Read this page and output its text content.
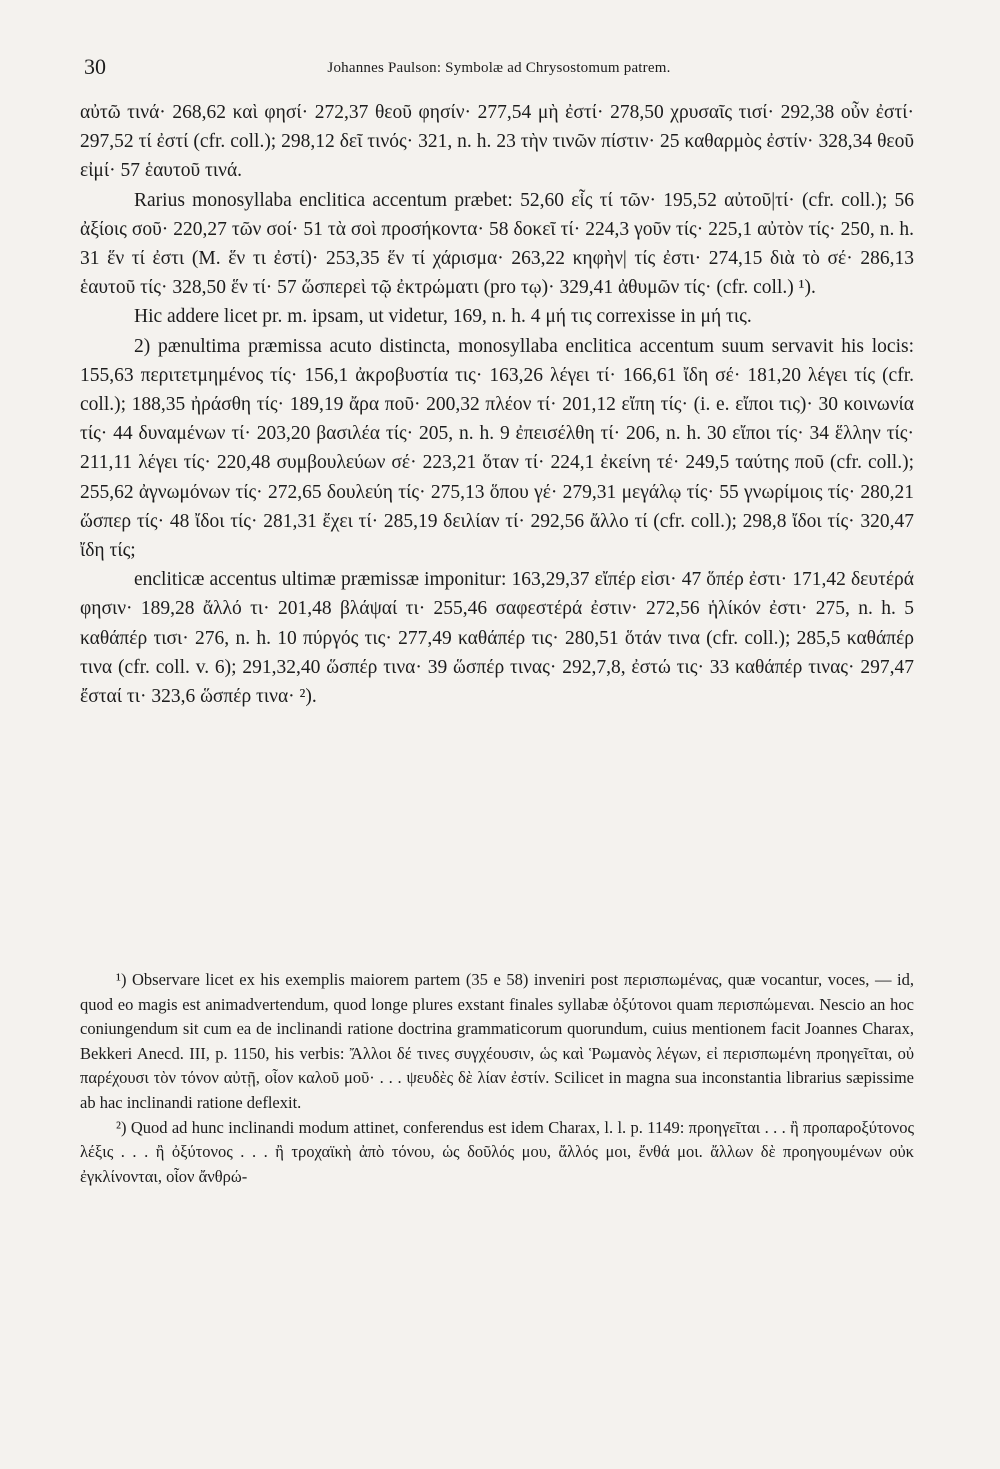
30	Johannes Paulson: Symbolæ ad Chrysostomum patrem.

αὐτῶ τινά· 268,62 καὶ φησί· 272,37 θεοῦ φησίν· 277,54 μὴ ἐστί· 278,50 χρυσαῖς τισί· 292,38 οὖν ἐστί· 297,52 τί ἐστί (cfr. coll.); 298,12 δεῖ τινός· 321, n. h. 23 τὴν τινῶν πίστιν· 25 καθαρμὸς ἐστίν· 328,34 θεοῦ εἰμί· 57 ἑαυτοῦ τινά.

Rarius monosyllaba enclitica accentum præbet: 52,60 εἷς τί τῶν· 195,52 αὐτοῦ|τί· (cfr. coll.); 56 ἀξίοις σοῦ· 220,27 τῶν σοί· 51 τὰ σοὶ προσήκοντα· 58 δοκεῖ τί· 224,3 γοῦν τίς· 225,1 αὐτὸν τίς· 250, n. h. 31 ἕν τί ἐστι (M. ἕν τι ἐστί)· 253,35 ἕν τί χάρισμα· 263,22 κηφὴν| τίς ἐστι· 274,15 διὰ τὸ σέ· 286,13 ἑαυτοῦ τίς· 328,50 ἕν τί· 57 ὥσπερεὶ τῷ ἐκτρώματι (pro τῳ)· 329,41 ἀθυμῶν τίς· (cfr. coll.) ¹).

Hic addere licet pr. m. ipsam, ut videtur, 169, n. h. 4 μή τις correxisse in μή τις.

2) pænultima præmissa acuto distincta, monosyllaba enclitica accentum suum servavit his locis: 155,63 περιτετμημένος τίς· 156,1 ἀκροβυστία τις· 163,26 λέγει τί· 166,61 ἴδη σέ· 181,20 λέγει τίς (cfr. coll.); 188,35 ἠράσθη τίς· 189,19 ἄρα ποῦ· 200,32 πλέον τί· 201,12 εἴπη τίς· (i. e. εἴποι τις)· 30 κοινωνία τίς· 44 δυναμένων τί· 203,20 βασιλέα τίς· 205, n. h. 9 ἐπεισέλθη τί· 206, n. h. 30 εἴποι τίς· 34 ἕλλην τίς· 211,11 λέγει τίς· 220,48 συμβουλεύων σέ· 223,21 ὅταν τί· 224,1 ἐκείνη τέ· 249,5 ταύτης ποῦ (cfr. coll.); 255,62 ἀγνωμόνων τίς· 272,65 δουλεύη τίς· 275,13 ὅπου γέ· 279,31 μεγάλῳ τίς· 55 γνωρίμοις τίς· 280,21 ὥσπερ τίς· 48 ἴδοι τίς· 281,31 ἔχει τί· 285,19 δειλίαν τί· 292,56 ἄλλο τί (cfr. coll.); 298,8 ἴδοι τίς· 320,47 ἴδη τίς;

encliticæ accentus ultimæ præmissæ imponitur: 163,29,37 εἴπέρ εἰσι· 47 ὅπέρ ἐστι· 171,42 δευτέρά φησιν· 189,28 ἄλλό τι· 201,48 βλάψαί τι· 255,46 σαφεστέρά ἐστιν· 272,56 ἡλίκόν ἐστι· 275, n. h. 5 καθάπέρ τισι· 276, n. h. 10 πύργός τις· 277,49 καθάπέρ τις· 280,51 ὅτάν τινα (cfr. coll.); 285,5 καθάπέρ τινα (cfr. coll. v. 6); 291,32,40 ὥσπέρ τινα· 39 ὥσπέρ τινας· 292,7,8, ἐστώ τις· 33 καθάπέρ τινας· 297,47 ἔσταί τι· 323,6 ὥσπέρ τινα· ²).

¹) Observare licet ex his exemplis maiorem partem (35 e 58) inveniri post περισπωμένας, quæ vocantur, voces, — id, quod eo magis est animadvertendum, quod longe plures exstant finales syllabæ ὀξύτονοι quam περισπώμεναι. Nescio an hoc coniungendum sit cum ea de inclinandi ratione doctrina grammaticorum quorundum, cuius mentionem facit Joannes Charax, Bekkeri Anecd. III, p. 1150, his verbis: Ἄλλοι δέ τινες συγχέουσιν, ὡς καὶ Ῥωμανὸς λέγων, εἰ περισπωμένη προηγεῖται, οὐ παρέχουσι τὸν τόνον αὐτῇ, οἷον καλοῦ μοῦ· . . . ψευδὲς δὲ λίαν ἐστίν. Scilicet in magna sua inconstantia librarius sæpissime ab hac inclinandi ratione deflexit.

²) Quod ad hunc inclinandi modum attinet, conferendus est idem Charax, l. l. p. 1149: προηγεῖται . . . ἢ προπαροξύτονος λέξις . . . ἢ ὀξύτονος . . . ἢ τροχαϊκὴ ἀπὸ τόνου, ὡς δοῦλός μου, ἄλλός μοι, ἔνθά μοι. ἄλλων δὲ προηγουμένων οὐκ ἐγκλίνονται, οἷον ἄνθρώ-
